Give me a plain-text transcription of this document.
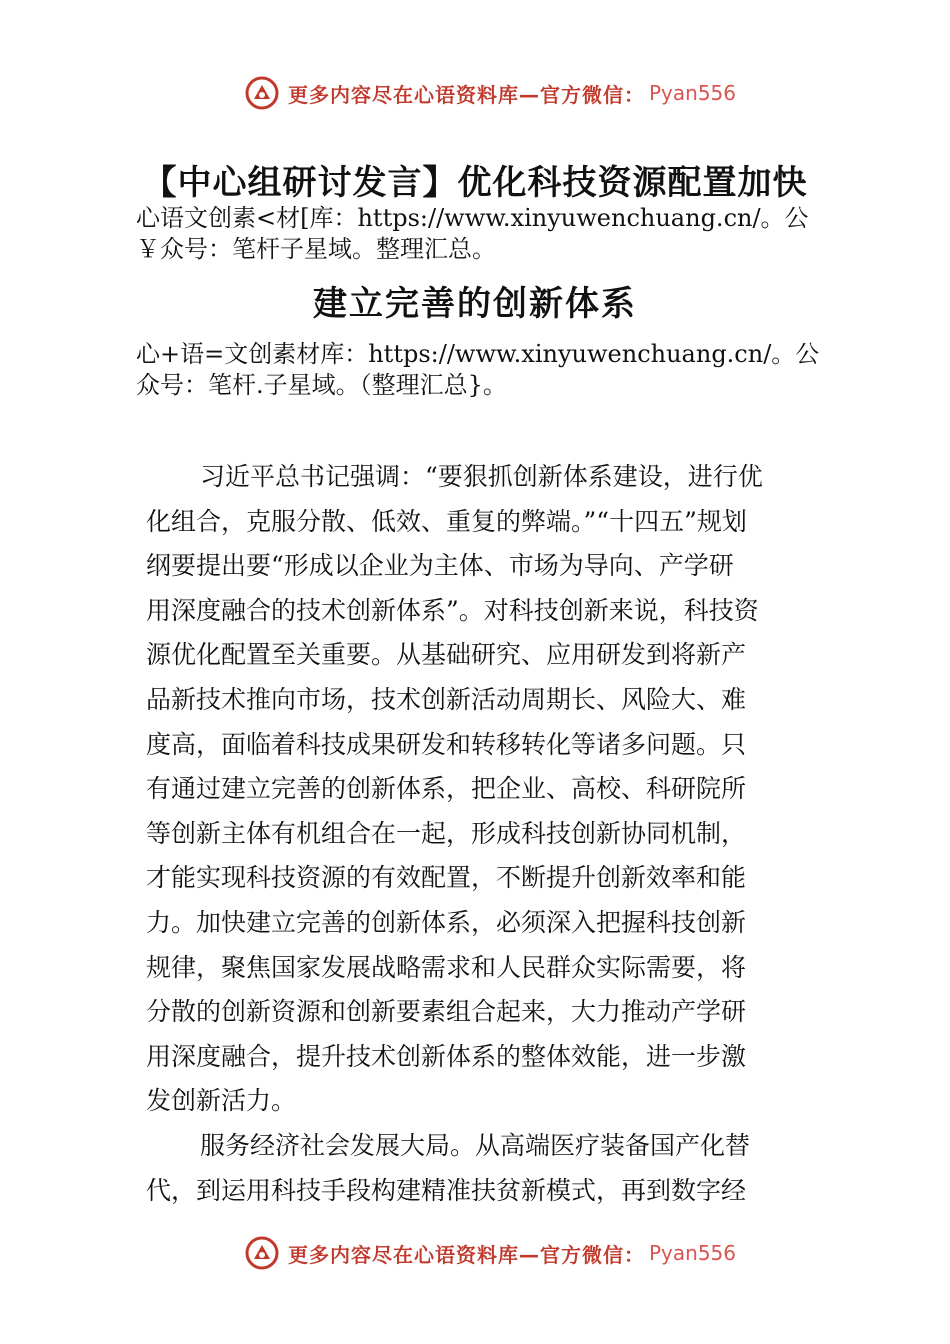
更多内容尽在心语资料库—官方微信： Pyan556
【中心组研讨发言】优化科技资源配置加快
心语文创素<材[库：https://www.xinyuwenchuang.cn/。公
￥众号：笔杆子星域。整理汇总。
建立完善的创新体系
心+语=文创素材库：https://www.xinyuwenchuang.cn/。公
众号：笔杆.子星域。（整理汇总}。
习近平总书记强调：“要狠抓创新体系建设，进行优
化组合，克服分散、低效、重复的弊端。”“十四五”规划
纲要提出要“形成以企业为主体、市场为导向、产学研
用深度融合的技术创新体系”。对科技创新来说，科技资
源优化配置至关重要。从基础研究、应用研发到将新产
品新技术推向市场，技术创新活动周期长、风险大、难
度高，面临着科技成果研发和转移转化等诸多问题。只
有通过建立完善的创新体系，把企业、高校、科研院所
等创新主体有机组合在一起，形成科技创新协同机制，
才能实现科技资源的有效配置，不断提升创新效率和能
力。加快建立完善的创新体系，必须深入把握科技创新
规律，聚焦国家发展战略需求和人民群众实际需要，将
分散的创新资源和创新要素组合起来，大力推动产学研
用深度融合，提升技术创新体系的整体效能，进一步激
发创新活力。
服务经济社会发展大局。从高端医疗装备国产化替
代，到运用科技手段构建精准扶贫新模式，再到数字经
更多内容尽在心语资料库—官方微信： Pyan556
